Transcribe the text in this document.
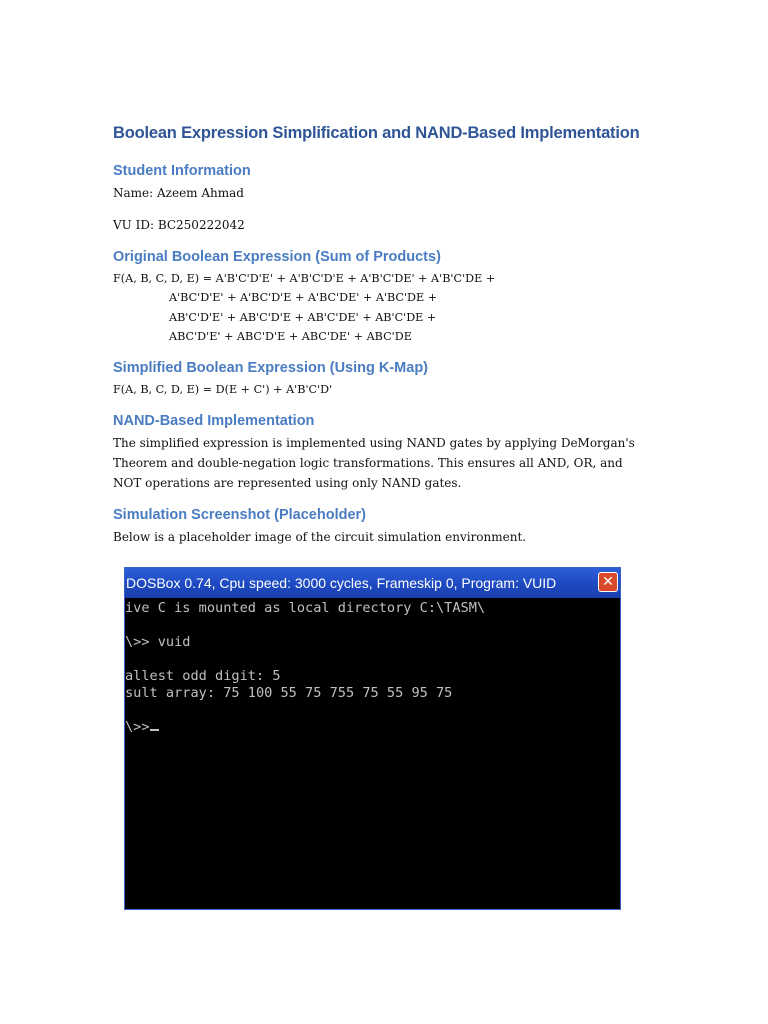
Boolean Expression Simplification and NAND-Based Implementation
Student Information

Name: Azeem Ahmad

VU ID: BC250222042

Original Boolean Expression (Sum of Products)
F(A, B, C, D, E) = A'B'C'D'E' + A'B'C'D'E + A'B'C'DE' + A'B'C'DE +
A'BC'D'E' + A'BC'D'E + A'BC'DE' + A'BC'DE +
AB'C'D'E' + AB'C'D'E + AB'C'DE' + AB'C'DE +
ABC'D'E' + ABC'D'E + ABC'DE' + ABC'DE
Simplified Boolean Expression (Using K-Map)

F(A, B, C, D, E) = D(E + C') + A'B'C'D'

NAND-Based Implementation

The simplified expression is implemented using NAND gates by applying DeMorgan's Theorem and double-negation logic transformations. This ensures all AND, OR, and NOT operations are represented using only NAND gates.

Simulation Screenshot (Placeholder)

Below is a placeholder image of the circuit simulation environment.

DOSBox 0.74, Cpu speed: 3000 cycles, Frameskip 0, Program: VUID	✕
ive C is mounted as local directory C:\TASM\
\>> vuid
allest odd digit: 5
sult array: 75 100 55 75 755 75 55 95 75
\>>
